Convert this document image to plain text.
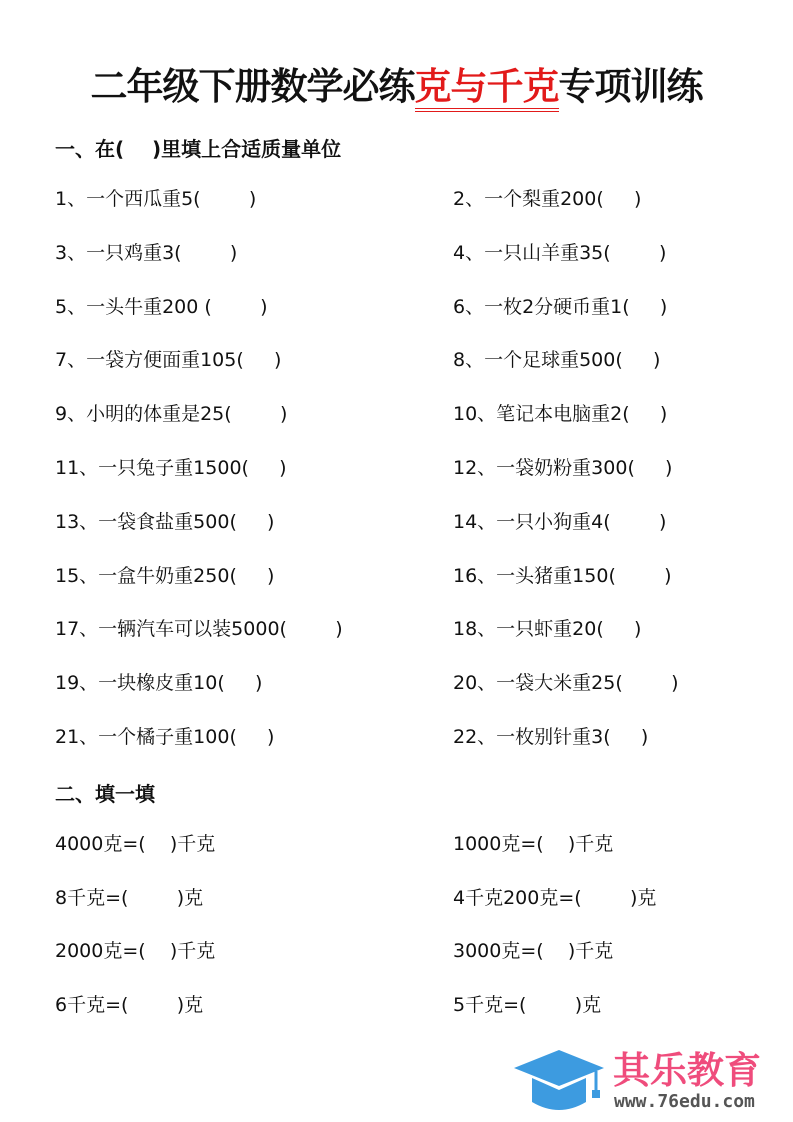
二年级下册数学必练克与千克专项训练
一、在(    )里填上合适质量单位
1、一个西瓜重5(        )
3、一只鸡重3(        )
5、一头牛重200 (        )
7、一袋方便面重105(     )
9、小明的体重是25(        )
11、一只兔子重1500(     )
13、一袋食盐重500(     )
15、一盒牛奶重250(     )
17、一辆汽车可以装5000(        )
19、一块橡皮重10(     )
21、一个橘子重100(     )
2、一个梨重200(     )
4、一只山羊重35(        )
6、一枚2分硬币重1(     )
8、一个足球重500(     )
10、笔记本电脑重2(     )
12、一袋奶粉重300(     )
14、一只小狗重4(        )
16、一头猪重150(        )
18、一只虾重20(     )
20、一袋大米重25(        )
22、一枚别针重3(     )
二、填一填
4000克=(    )千克
8千克=(        )克
2000克=(    )千克
6千克=(        )克
1000克=(    )千克
4千克200克=(        )克
3000克=(    )千克
5千克=(        )克
其乐教育
www.76edu.com
